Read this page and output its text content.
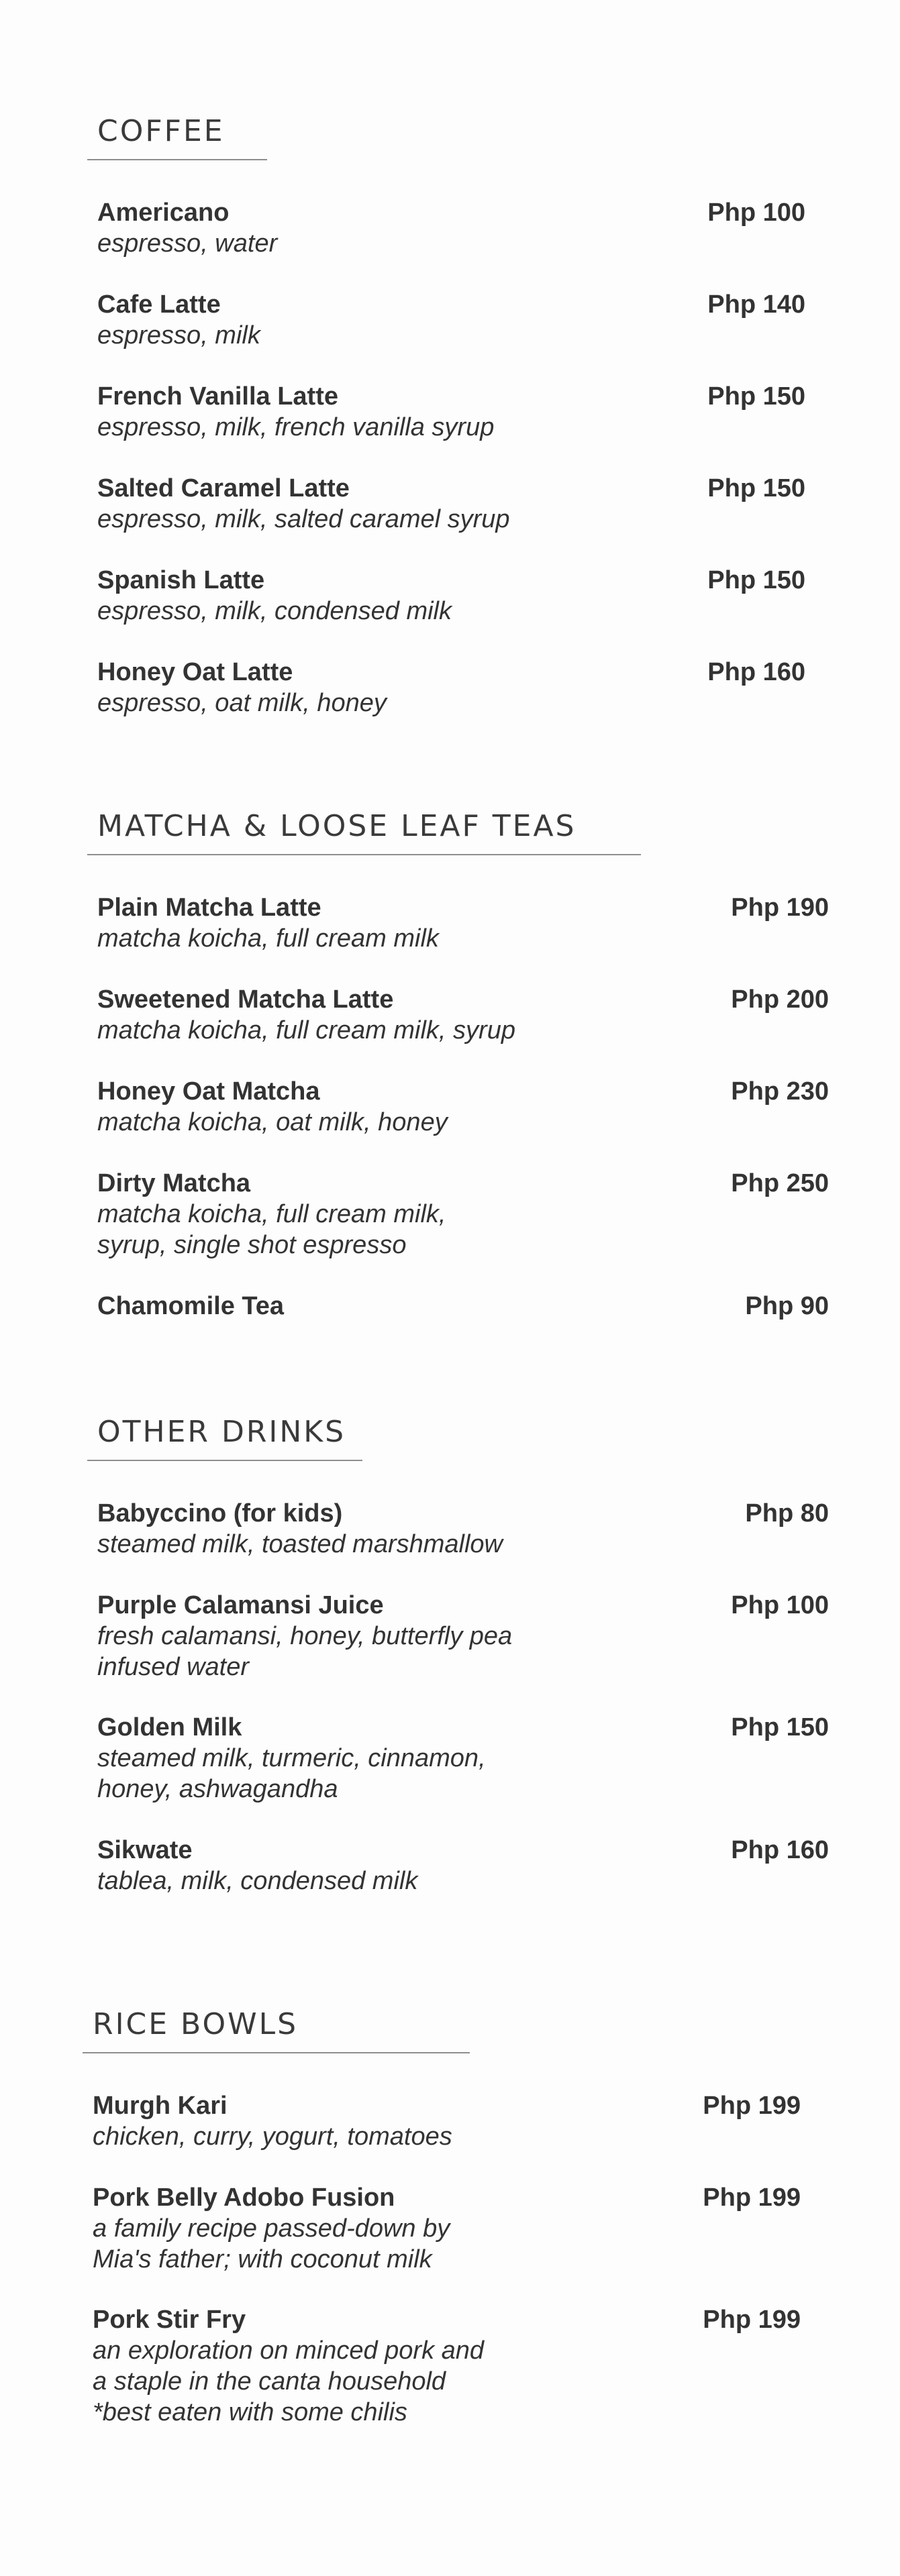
COFFEE

Americano

espresso, water

Php 100

Cafe Latte

espresso, milk

Php 140

French Vanilla Latte

espresso, milk, french vanilla syrup

Php 150

Salted Caramel Latte

espresso, milk, salted caramel syrup

Php 150

Spanish Latte

espresso, milk, condensed milk

Php 150

Honey Oat Latte

espresso, oat milk, honey

Php 160
MATCHA & LOOSE LEAF TEAS

Plain Matcha Latte

matcha koicha, full cream milk

Php 190

Sweetened Matcha Latte

matcha koicha, full cream milk, syrup

Php 200

Honey Oat Matcha

matcha koicha, oat milk, honey

Php 230

Dirty Matcha

matcha koicha, full cream milk,
syrup, single shot espresso

Php 250

Chamomile Tea	Php 90
OTHER DRINKS

Babyccino (for kids)

steamed milk, toasted marshmallow

Php 80

Purple Calamansi Juice

fresh calamansi, honey, butterfly pea
infused water

Php 100

Golden Milk

steamed milk, turmeric, cinnamon,
honey, ashwagandha

Php 150

Sikwate

tablea, milk, condensed milk

Php 160
RICE BOWLS

Murgh Kari

chicken, curry, yogurt, tomatoes

Php 199

Pork Belly Adobo Fusion

a family recipe passed-down by
Mia's father; with coconut milk

Php 199

Pork Stir Fry

an exploration on minced pork and
a staple in the canta household
*best eaten with some chilis

Php 199
